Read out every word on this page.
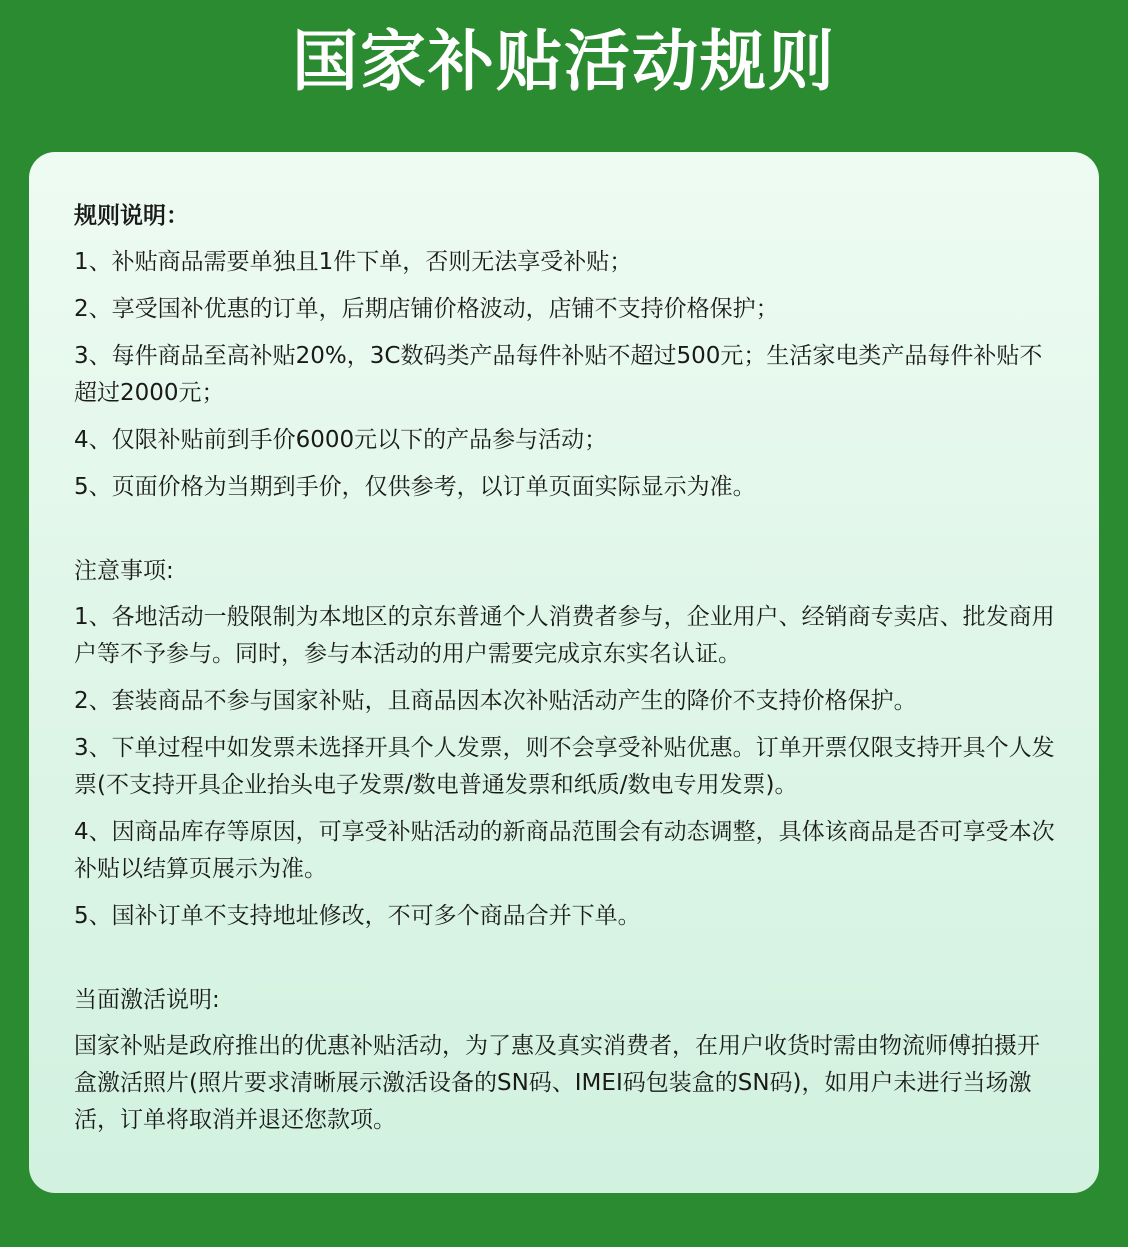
国家补贴活动规则

规则说明：

1、补贴商品需要单独且1件下单，否则无法享受补贴；

2、享受国补优惠的订单，后期店铺价格波动，店铺不支持价格保护；

3、每件商品至高补贴20%，3C数码类产品每件补贴不超过500元；生活家电类产品每件补贴不超过2000元；

4、仅限补贴前到手价6000元以下的产品参与活动；

5、页面价格为当期到手价，仅供参考，以订单页面实际显示为准。

注意事项:

1、各地活动一般限制为本地区的京东普通个人消费者参与，企业用户、经销商专卖店、批发商用户等不予参与。同时，参与本活动的用户需要完成京东实名认证。

2、套装商品不参与国家补贴，且商品因本次补贴活动产生的降价不支持价格保护。

3、下单过程中如发票未选择开具个人发票，则不会享受补贴优惠。订单开票仅限支持开具个人发票(不支持开具企业抬头电子发票/数电普通发票和纸质/数电专用发票)。

4、因商品库存等原因，可享受补贴活动的新商品范围会有动态调整，具体该商品是否可享受本次补贴以结算页展示为准。

5、国补订单不支持地址修改，不可多个商品合并下单。

当面激活说明:

国家补贴是政府推出的优惠补贴活动，为了惠及真实消费者，在用户收货时需由物流师傅拍摄开盒激活照片(照片要求清晰展示激活设备的SN码、IMEI码包装盒的SN码)，如用户未进行当场激活，订单将取消并退还您款项。
